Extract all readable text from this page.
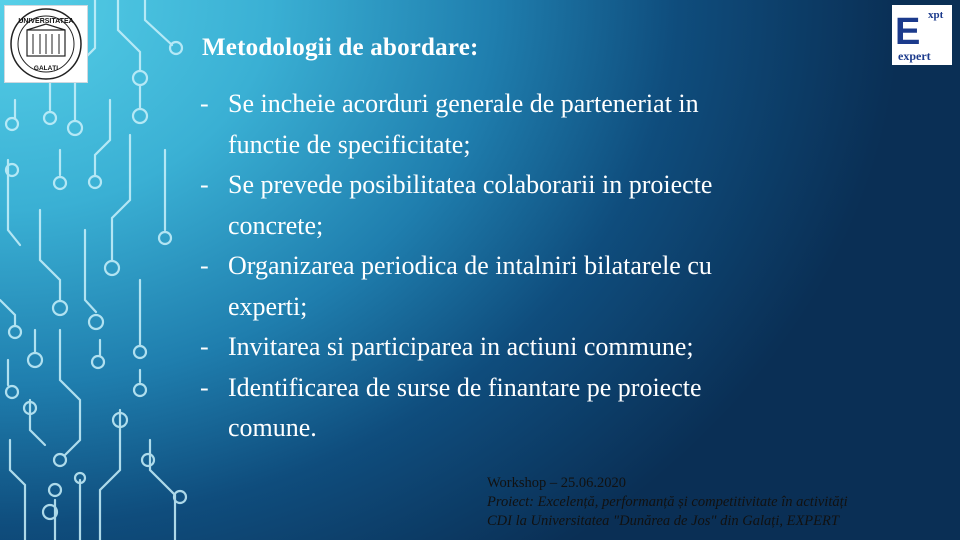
UNIVERSITATEA
GALAȚI
E xpt
expert
Metodologii de abordare:
- Se incheie acorduri generale de parteneriat in
functie de specificitate;
- Se prevede posibilitatea colaborarii in proiecte
concrete;
- Organizarea periodica de intalniri bilatarele cu
experti;
- Invitarea si participarea in actiuni commune;
- Identificarea de surse de finantare pe proiecte
comune.
Workshop – 25.06.2020
Proiect: Excelență, performanță și competitivitate în activități
CDI la Universitatea "Dunărea de Jos" din Galați, EXPERT
